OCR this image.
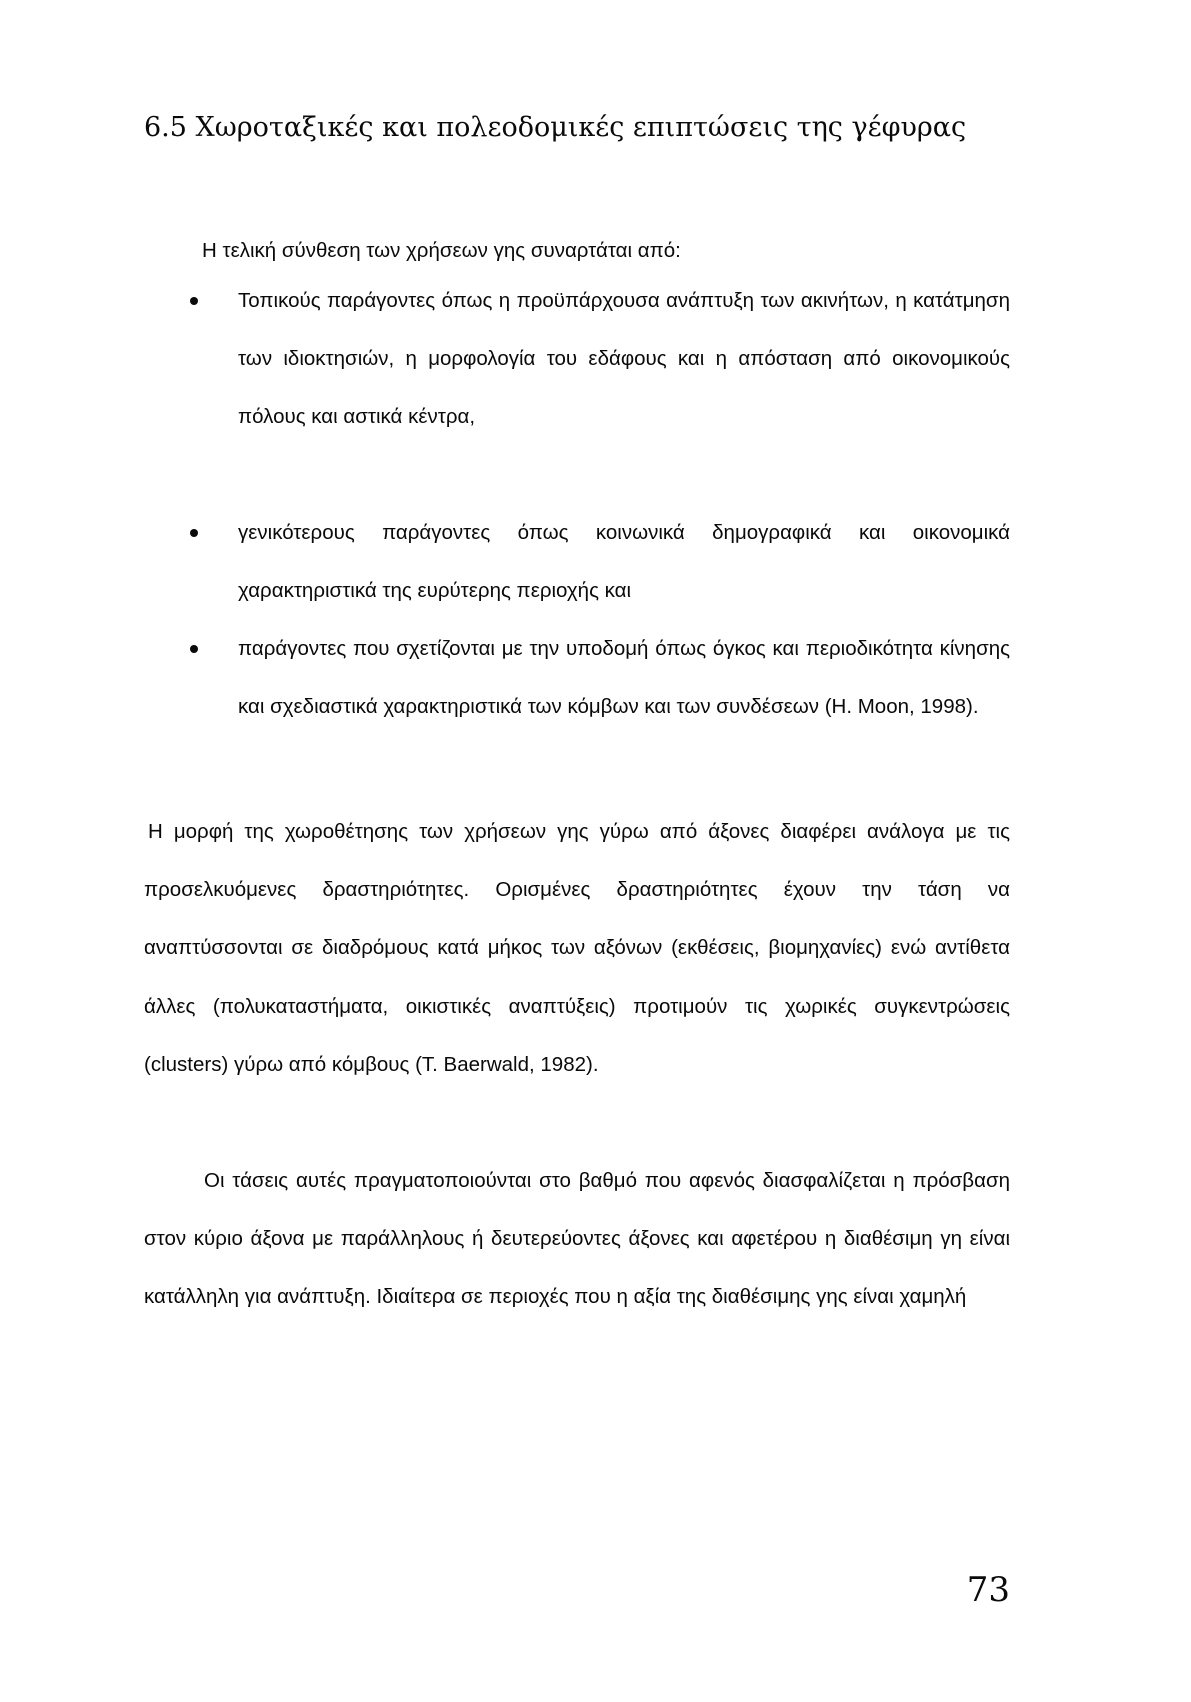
6.5 Χωροταξικές και πολεοδομικές επιπτώσεις της γέφυρας

Η τελική σύνθεση των χρήσεων γης συναρτάται από:

Τοπικούς παράγοντες όπως η προϋπάρχουσα ανάπτυξη των ακινήτων, η κατάτμηση των ιδιοκτησιών, η μορφολογία του εδάφους και η απόσταση από οικονομικούς πόλους και αστικά κέντρα,
γενικότερους παράγοντες όπως κοινωνικά δημογραφικά και οικονομικά χαρακτηριστικά της ευρύτερης περιοχής και
παράγοντες που σχετίζονται με την υποδομή όπως όγκος και περιοδικότητα κίνησης και σχεδιαστικά χαρακτηριστικά των κόμβων και των συνδέσεων (H. Moon, 1998).

Η μορφή της χωροθέτησης των χρήσεων γης γύρω από άξονες διαφέρει ανάλογα με τις προσελκυόμενες δραστηριότητες. Ορισμένες δραστηριότητες έχουν την τάση να αναπτύσσονται σε διαδρόμους κατά μήκος των αξόνων (εκθέσεις, βιομηχανίες) ενώ αντίθετα άλλες (πολυκαταστήματα, οικιστικές αναπτύξεις) προτιμούν τις χωρικές συγκεντρώσεις (clusters) γύρω από κόμβους (T. Baerwald, 1982).

Οι τάσεις αυτές πραγματοποιούνται στο βαθμό που αφενός διασφαλίζεται η πρόσβαση στον κύριο άξονα με παράλληλους ή δευτερεύοντες άξονες και αφετέρου η διαθέσιμη γη είναι κατάλληλη για ανάπτυξη. Ιδιαίτερα σε περιοχές που η αξία της διαθέσιμης γης είναι χαμηλή

73
